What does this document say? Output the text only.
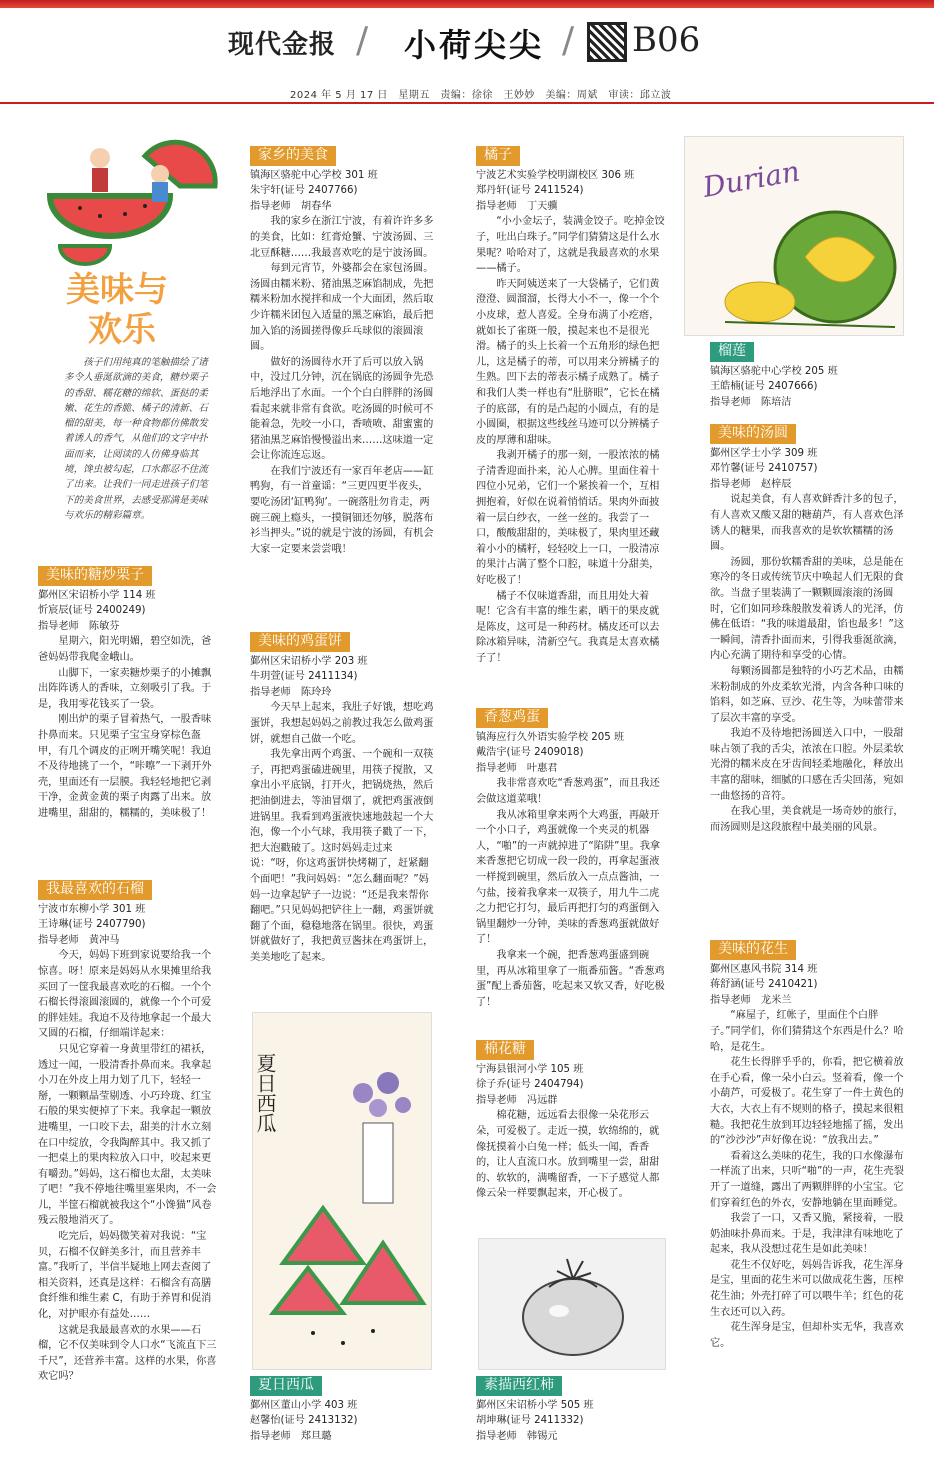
现代金报 / 小荷尖尖 / B06
2024 年 5 月 17 日　星期五　责编：徐徐　王妙妙　美编：周斌　审读：邱立波
美味与
欢乐
孩子们用纯真的笔触描绘了诸多令人垂涎欲滴的美食，糖炒栗子的香甜、糯花糖的绵软、蛋挞的柔嫩、花生的香脆、橘子的清新、石榴的甜美，每一种食物都仿佛散发着诱人的香气，从他们的文字中扑面而来，让阅读的人仿佛身临其境，馋虫被勾起，口水都忍不住流了出来。让我们一同走进孩子们笔下的美食世界，去感受那满是美味与欢乐的精彩篇章。
美味的糖炒栗子
鄞州区宋诏桥小学 114 班
忻宸辰(证号 2400249)
指导老师　陈敏芬

星期六，阳光明媚，碧空如洗，爸爸妈妈带我爬金峨山。

山脚下，一家卖糖炒栗子的小摊飘出阵阵诱人的香味，立刻吸引了我。于是，我用零花钱买了一袋。

刚出炉的栗子冒着热气，一股香味扑鼻而来。只见栗子宝宝身穿棕色盔甲，有几个调皮的正咧开嘴笑呢！我迫不及待地挑了一个，“咔嚓”一下剥开外壳，里面还有一层膜。我轻轻地把它剥干净，金黄金黄的栗子肉露了出来。放进嘴里，甜甜的，糯糯的，美味极了！

我最喜欢的石榴
宁波市东柳小学 301 班
王诗琳(证号 2407790)
指导老师　黄冲马

今天，妈妈下班到家说要给我一个惊喜。呀！原来是妈妈从水果摊里给我买回了一筐我最喜欢吃的石榴。一个个石榴长得滚圆滚圆的，就像一个个可爱的胖娃娃。我迫不及待地拿起一个最大又圆的石榴，仔细端详起来：

只见它穿着一身黄里带红的裙袄，透过一闻，一股清香扑鼻而来。我拿起小刀在外皮上用力划了几下，轻轻一掰，一颗颗晶莹剔透、小巧玲珑、红宝石般的果实便掉了下来。我拿起一颗放进嘴里，一口咬下去，甜美的汁水立刻在口中绽放，令我陶醉其中。我又抓了一把桌上的果肉粒放入口中，咬起来更有嚼劲。”妈妈，这石榴也太甜，太美味了吧！”我不停地往嘴里塞果肉，不一会儿，半筐石榴就被我这个“小馋猫”风卷残云般地消灭了。

吃完后，妈妈微笑着对我说：“宝贝，石榴不仅鲜美多汁，而且营养丰富。”我听了，半信半疑地上网去查阅了相关资料，还真是这样：石榴含有高膳食纤维和维生素 C，有助于养胃和促消化，对护眼亦有益处……

这就是我最最喜欢的水果——石榴，它不仅美味到令人口水“飞流直下三千尺”，还营养丰富。这样的水果，你喜欢它吗？

家乡的美食
镇海区骆驼中心学校 301 班
朱宇轩(证号 2407766)
指导老师　胡春华

我的家乡在浙江宁波，有着许许多多的美食，比如：红膏炝蟹、宁波汤圆、三北豆酥糖……我最喜欢吃的是宁波汤圆。

每到元宵节，外婆都会在家包汤圆。汤圆由糯米粉、猪油黑芝麻馅制成，先把糯米粉加水搅拌和成一个大面团，然后取少许糯米团包入适量的黑芝麻馅，最后把加入馅的汤圆搓得像乒乓球似的滚圆滚圆。

做好的汤圆待水开了后可以放入锅中，没过几分钟，沉在锅底的汤圆争先恐后地浮出了水面。一个个白白胖胖的汤圆看起来就非常有食欲。吃汤圆的时候可不能着急，先咬一小口，香喷喷、甜蜜蜜的猪油黑芝麻馅慢慢溢出来……这味道一定会让你流连忘返。

在我们宁波还有一家百年老店——缸鸭狗，有一首童谣：“三更四更半夜头，要吃汤团‘缸鸭狗’。一碗落肚勿肯走，两碗三碗上瘾头，一摸铜钿还勿够，脱落布衫当押头。”说的就是宁波的汤圆，有机会大家一定要来尝尝哦！

美味的鸡蛋饼
鄞州区宋诏桥小学 203 班
牛玥萱(证号 2411134)
指导老师　陈玲玲

今天早上起来，我肚子好饿，想吃鸡蛋饼，我想起妈妈之前教过我怎么做鸡蛋饼，就想自己做一个吃。

我先拿出两个鸡蛋、一个碗和一双筷子，再把鸡蛋磕进碗里，用筷子搅散，又拿出小平底锅，打开火，把锅烧热，然后把油倒进去，等油冒烟了，就把鸡蛋液倒进锅里。我看到鸡蛋液快速地鼓起一个大泡，像一个小气球，我用筷子戳了一下，把大泡戳破了。这时妈妈走过来说：“呀，你这鸡蛋饼快烤糊了，赶紧翻个面吧！”我问妈妈：“怎么翻面呢？”妈妈一边拿起铲子一边说：“还是我来帮你翻吧。”只见妈妈把铲往上一翻，鸡蛋饼就翻了个面，稳稳地落在锅里。很快，鸡蛋饼就做好了，我把黄豆酱抹在鸡蛋饼上，美美地吃了起来。

夏日西瓜
夏日西瓜
鄞州区董山小学 403 班
赵馨怡(证号 2413132)
指导老师　郑旦璐
橘子
宁波艺术实验学校明湖校区 306 班
郑丹轩(证号 2411524)
指导老师　丁天骥

“小小金坛子，装满金饺子。吃掉金饺子，吐出白珠子。”同学们猜猜这是什么水果呢？哈哈对了，这就是我最喜欢的水果——橘子。

昨天阿姨送来了一大袋橘子，它们黄澄澄、圆溜溜，长得大小不一，像一个个小皮球，惹人喜爱。全身布满了小疙瘩，就如长了雀斑一般，摸起来也不是很光滑。橘子的头上长着一个五角形的绿色把儿，这是橘子的蒂，可以用来分辨橘子的生熟。凹下去的蒂表示橘子成熟了。橘子和我们人类一样也有“肚脐眼”，它长在橘子的底部，有的是凸起的小圆点，有的是小圆圈，根据这些线丝马迹可以分辨橘子皮的厚薄和甜味。

我剥开橘子的那一刻，一股浓浓的橘子清香迎面扑来，沁人心脾。里面住着十四位小兄弟，它们一个紧挨着一个，互相拥抱着，好似在说着悄悄话。果肉外面披着一层白纱衣，一丝一丝的。我尝了一口，酸酸甜甜的，美味极了，果肉里还藏着小小的橘籽，轻轻咬上一口，一股清凉的果汁占满了整个口腔，味道十分甜美，好吃极了！

橘子不仅味道香甜，而且用处大着呢！它含有丰富的维生素，晒干的果皮就是陈皮，这可是一种药材。橘皮还可以去除冰箱异味，清新空气。我真是太喜欢橘子了！

香葱鸡蛋
镇海应行久外语实验学校 205 班
戴浩宇(证号 2409018)
指导老师　叶惠君

我非常喜欢吃“香葱鸡蛋”，而且我还会做这道菜哦！

我从冰箱里拿来两个大鸡蛋，再敲开一个小口子，鸡蛋就像一个夹灵的机器人，“啪”的一声就掉进了“陷阱”里。我拿来香葱把它切成一段一段的，再拿起蛋液一样搅到碗里，然后放入一点点酱油，一勺盐，接着我拿来一双筷子，用九牛二虎之力把它打匀，最后再把打匀的鸡蛋倒入锅里翻炒一分钟，美味的香葱鸡蛋就做好了！

我拿来一个碗，把香葱鸡蛋盛到碗里，再从冰箱里拿了一瓶番茄酱。“香葱鸡蛋”配上番茄酱，吃起来又软又香，好吃极了！

棉花糖
宁海县银河小学 105 班
徐子乔(证号 2404794)
指导老师　冯远群

棉花糖，远远看去很像一朵花形云朵，可爱极了。走近一摸，软绵绵的，就像抚摸着小白兔一样；低头一闻，香香的，让人直流口水。放到嘴里一尝，甜甜的、软软的，满嘴留香，一下子感觉人都像云朵一样要飘起来，开心极了。

素描西红柿
鄞州区宋诏桥小学 505 班
胡坤琳(证号 2411332)
指导老师　韩锡元
Durian
榴莲
镇海区骆驼中心学校 205 班
王皓楠(证号 2407666)
指导老师　陈培洁
美味的汤圆
鄞州区学士小学 309 班
邓竹馨(证号 2410757)
指导老师　赵梓辰

说起美食，有人喜欢鲜香汁多的包子，有人喜欢又酸又甜的糖葫芦，有人喜欢色泽诱人的糖果，而我喜欢的是软软糯糯的汤圆。

汤圆，那份软糯香甜的美味，总是能在寒冷的冬日或传统节庆中唤起人们无限的食欲。当盘子里装满了一颗颗圆滚滚的汤圆时，它们如同珍珠般散发着诱人的光泽，仿佛在低语：“我的味道最甜，馅也最多！”这一瞬间，清香扑面而来，引得我垂涎欲滴，内心充满了期待和享受的心情。

每颗汤圆都是独特的小巧艺术品，由糯米粉制成的外皮柔软光滑，内含各种口味的馅料，如芝麻、豆沙、花生等，为味蕾带来了层次丰富的享受。

我迫不及待地把汤圆送入口中，一股甜味占领了我的舌尖，浓浓在口腔。外层柔软光滑的糯米皮在牙齿间轻柔地融化，释放出丰富的甜味，细腻的口感在舌尖回荡，宛如一曲悠扬的音符。

在我心里，美食就是一场奇妙的旅行，而汤圆则是这段旅程中最美丽的风景。

美味的花生
鄞州区惠风书院 314 班
蒋舒涵(证号 2410421)
指导老师　龙米兰

“麻屋子，红帐子，里面住个白胖子。”同学们，你们猜猜这个东西是什么？哈哈，是花生。

花生长得胖乎乎的，你看，把它横着放在手心看，像一朵小白云。竖着看，像一个小葫芦，可爱极了。花生穿了一件土黄色的大衣，大衣上有不规则的格子，摸起来很粗糙。我把花生放到耳边轻轻地摇了摇，发出的“沙沙沙”声好像在说：“放我出去。”

看着这么美味的花生，我的口水像瀑布一样流了出来，只听“啪”的一声，花生壳裂开了一道缝，露出了两颗胖胖的小宝宝。它们穿着红色的外衣，安静地躺在里面睡觉。

我尝了一口，又香又脆，紧接着，一股奶油味扑鼻而来。于是，我津津有味地吃了起来，我从没想过花生是如此美味！

花生不仅好吃，妈妈告诉我，花生浑身是宝，里面的花生米可以做成花生酱，压榨花生油；外壳打碎了可以喂牛羊；红色的花生衣还可以入药。

花生浑身是宝，但却朴实无华，我喜欢它。
